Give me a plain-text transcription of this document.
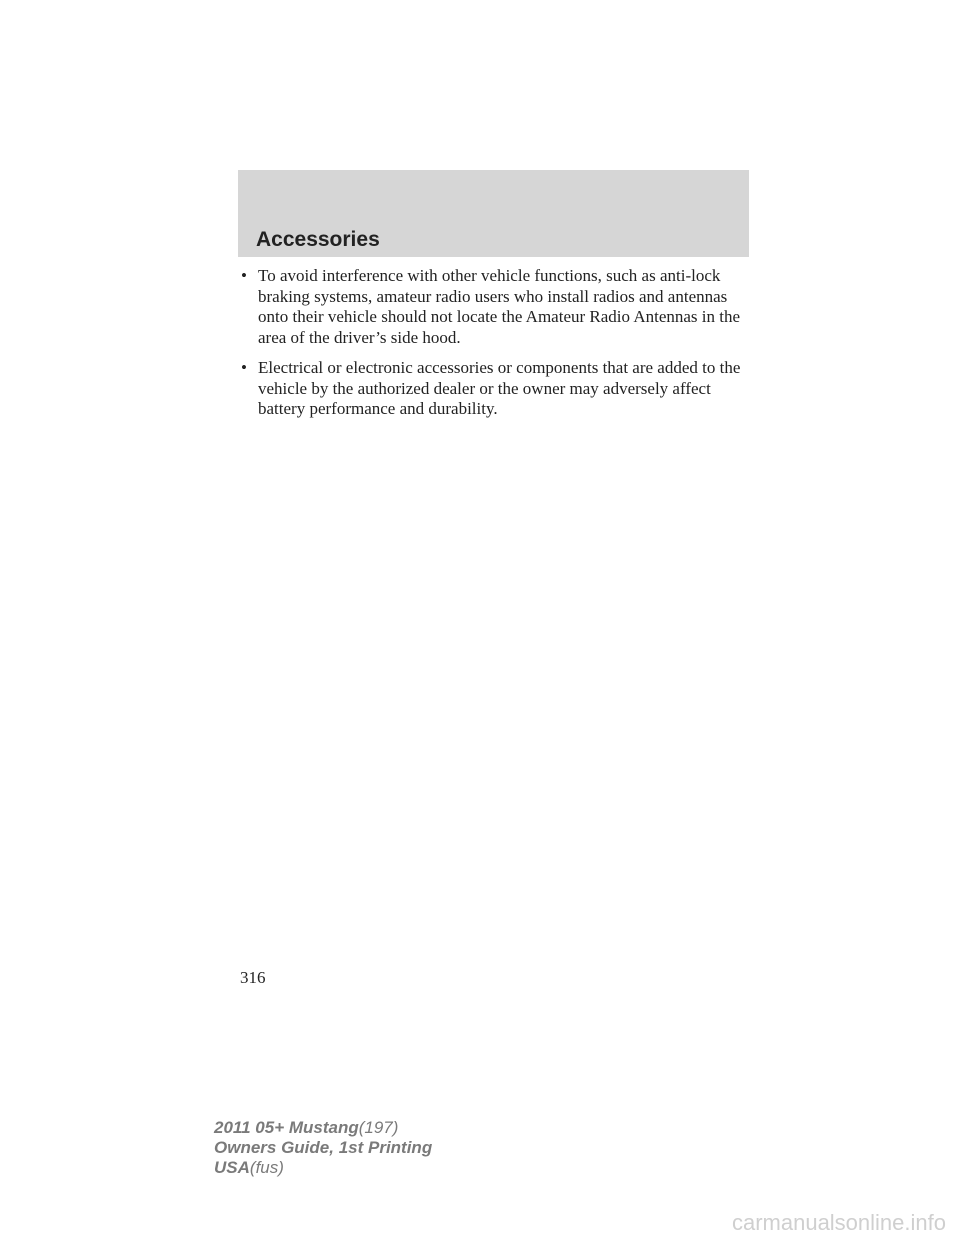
Accessories
• To avoid interference with other vehicle functions, such as anti-lock braking systems, amateur radio users who install radios and antennas onto their vehicle should not locate the Amateur Radio Antennas in the area of the driver’s side hood.
• Electrical or electronic accessories or components that are added to the vehicle by the authorized dealer or the owner may adversely affect battery performance and durability.
316
2011 05+ Mustang(197)
Owners Guide, 1st Printing
USA(fus)
carmanualsonline.info
